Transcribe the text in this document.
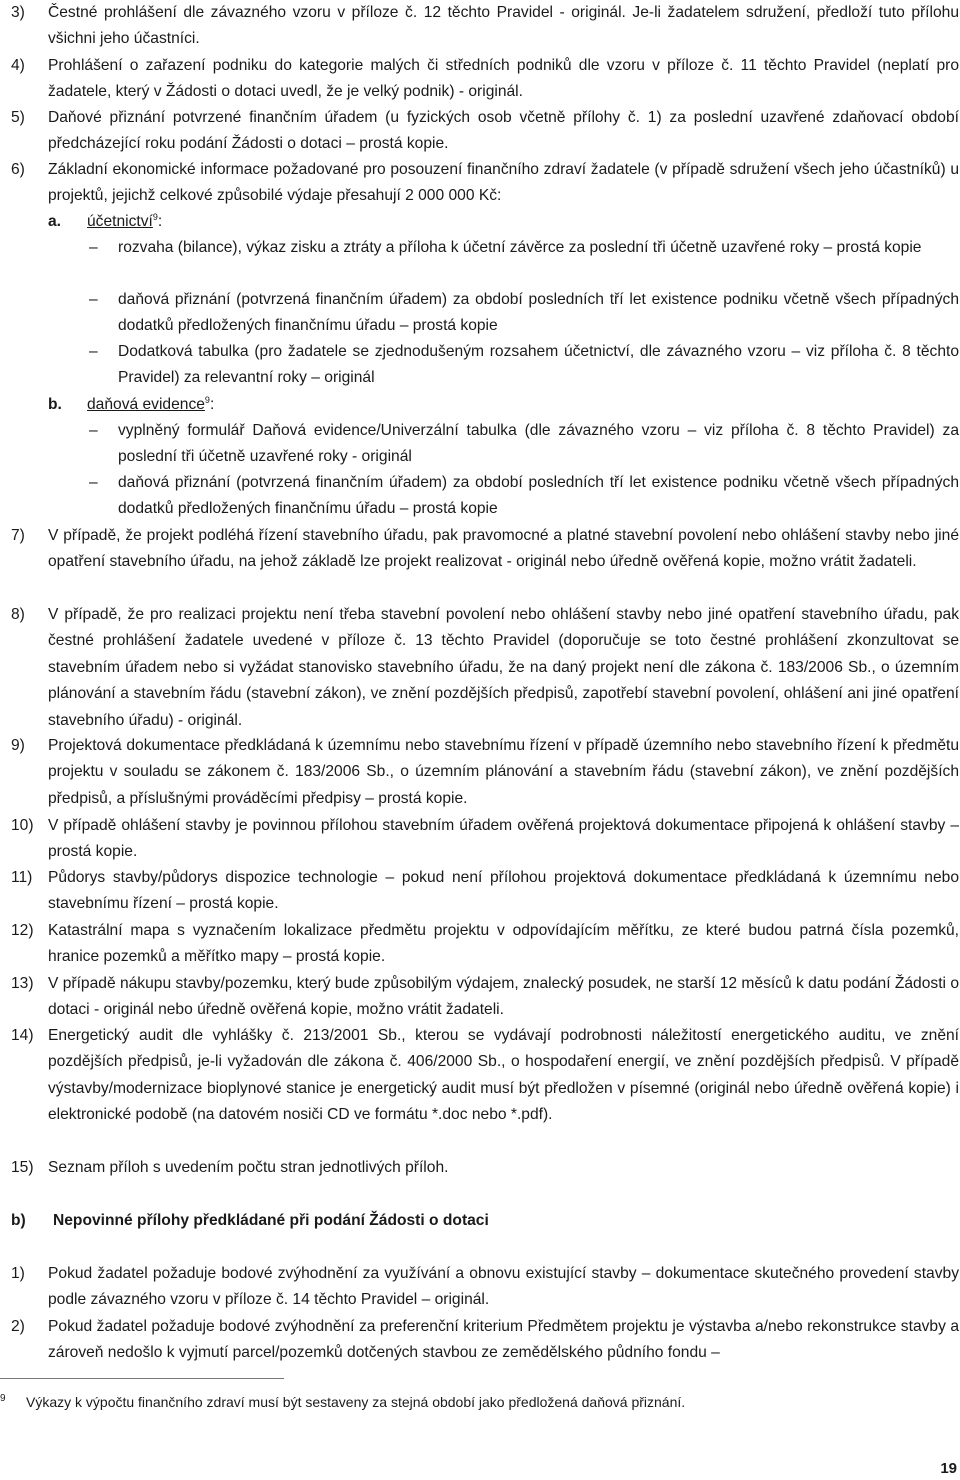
3) Čestné prohlášení dle závazného vzoru v příloze č. 12 těchto Pravidel - originál. Je-li žadatelem sdružení, předloží tuto přílohu všichni jeho účastníci.
4) Prohlášení o zařazení podniku do kategorie malých či středních podniků dle vzoru v příloze č. 11 těchto Pravidel (neplatí pro žadatele, který v Žádosti o dotaci uvedl, že je velký podnik) - originál.
5) Daňové přiznání potvrzené finančním úřadem (u fyzických osob včetně přílohy č. 1) za poslední uzavřené zdaňovací období předcházející roku podání Žádosti o dotaci – prostá kopie.
6) Základní ekonomické informace požadované pro posouzení finančního zdraví žadatele (v případě sdružení všech jeho účastníků) u projektů, jejichž celkové způsobilé výdaje přesahují 2 000 000 Kč:
a. účetnictví$^9$:
– rozvaha (bilance), výkaz zisku a ztráty a příloha k účetní závěrce za poslední tři účetně uzavřené roky – prostá kopie
– daňová přiznání (potvrzená finančním úřadem) za období posledních tří let existence podniku včetně všech případných dodatků předložených finančnímu úřadu – prostá kopie
– Dodatková tabulka (pro žadatele se zjednodušeným rozsahem účetnictví, dle závazného vzoru – viz příloha č. 8 těchto Pravidel) za relevantní roky – originál
b. daňová evidence$^9$:
– vyplněný formulář Daňová evidence/Univerzální tabulka (dle závazného vzoru – viz příloha č. 8 těchto Pravidel) za poslední tři účetně uzavřené roky - originál
– daňová přiznání (potvrzená finančním úřadem) za období posledních tří let existence podniku včetně všech případných dodatků předložených finančnímu úřadu – prostá kopie
7) V případě, že projekt podléhá řízení stavebního úřadu, pak pravomocné a platné stavební povolení nebo ohlášení stavby nebo jiné opatření stavebního úřadu, na jehož základě lze projekt realizovat - originál nebo úředně ověřená kopie, možno vrátit žadateli.
8) V případě, že pro realizaci projektu není třeba stavební povolení nebo ohlášení stavby nebo jiné opatření stavebního úřadu, pak čestné prohlášení žadatele uvedené v příloze č. 13 těchto Pravidel (doporučuje se toto čestné prohlášení zkonzultovat se stavebním úřadem nebo si vyžádat stanovisko stavebního úřadu, že na daný projekt není dle zákona č. 183/2006 Sb., o územním plánování a stavebním řádu (stavební zákon), ve znění pozdějších předpisů, zapotřebí stavební povolení, ohlášení ani jiné opatření stavebního úřadu) - originál.
9) Projektová dokumentace předkládaná k územnímu nebo stavebnímu řízení v případě územního nebo stavebního řízení k předmětu projektu v souladu se zákonem č. 183/2006 Sb., o územním plánování a stavebním řádu (stavební zákon), ve znění pozdějších předpisů, a příslušnými prováděcími předpisy – prostá kopie.
10) V případě ohlášení stavby je povinnou přílohou stavebním úřadem ověřená projektová dokumentace připojená k ohlášení stavby – prostá kopie.
11) Půdorys stavby/půdorys dispozice technologie – pokud není přílohou projektová dokumentace předkládaná k územnímu nebo stavebnímu řízení – prostá kopie.
12) Katastrální mapa s vyznačením lokalizace předmětu projektu v odpovídajícím měřítku, ze které budou patrná čísla pozemků, hranice pozemků a měřítko mapy – prostá kopie.
13) V případě nákupu stavby/pozemku, který bude způsobilým výdajem, znalecký posudek, ne starší 12 měsíců k datu podání Žádosti o dotaci - originál nebo úředně ověřená kopie, možno vrátit žadateli.
14) Energetický audit dle vyhlášky č. 213/2001 Sb., kterou se vydávají podrobnosti náležitostí energetického auditu, ve znění pozdějších předpisů, je-li vyžadován dle zákona č. 406/2000 Sb., o hospodaření energií, ve znění pozdějších předpisů. V případě výstavby/modernizace bioplynové stanice je energetický audit musí být předložen v písemné (originál nebo úředně ověřená kopie) i elektronické podobě (na datovém nosiči CD ve formátu *.doc nebo *.pdf).
15) Seznam příloh s uvedením počtu stran jednotlivých příloh.
b) Nepovinné přílohy předkládané při podání Žádosti o dotaci
1) Pokud žadatel požaduje bodové zvýhodnění za využívání a obnovu existující stavby – dokumentace skutečného provedení stavby podle závazného vzoru v příloze č. 14 těchto Pravidel – originál.
2) Pokud žadatel požaduje bodové zvýhodnění za preferenční kriterium Předmětem projektu je výstavba a/nebo rekonstrukce stavby a zároveň nedošlo k vyjmutí parcel/pozemků dotčených stavbou ze zemědělského půdního fondu –
9 Výkazy k výpočtu finančního zdraví musí být sestaveny za stejná období jako předložená daňová přiznání.
19
